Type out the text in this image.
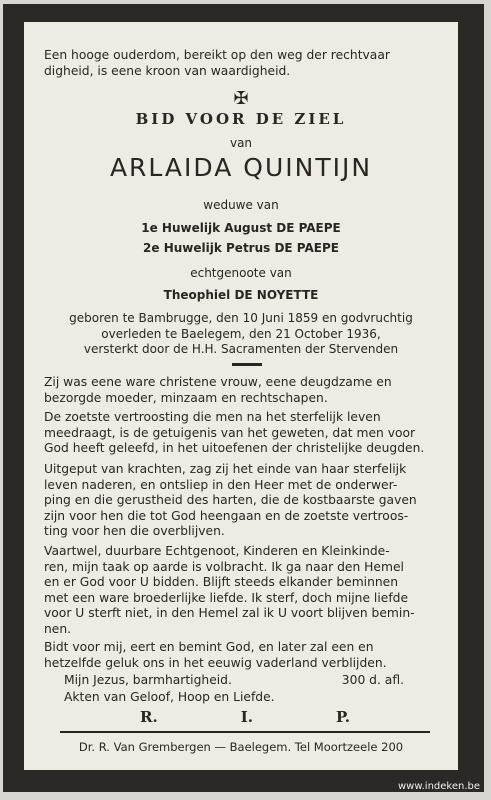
Een hooge ouderdom, bereikt op den weg der rechtvaar
digheid, is eene kroon van waardigheid.
✠
BID VOOR DE ZIEL
van
ARLAIDA QUINTIJN
weduwe van
1e Huwelijk August DE PAEPE
2e Huwelijk Petrus DE PAEPE
echtgenoote van
Theophiel DE NOYETTE
geboren te Bambrugge, den 10 Juni 1859 en godvruchtig
overleden te Baelegem, den 21 October 1936,
versterkt door de H.H. Sacramenten der Stervenden
Zij was eene ware christene vrouw, eene deugdzame en
bezorgde moeder, minzaam en rechtschapen.
De zoetste vertroosting die men na het sterfelijk leven
meedraagt, is de getuigenis van het geweten, dat men voor
God heeft geleefd, in het uitoefenen der christelijke deugden.
Uitgeput van krachten, zag zij het einde van haar sterfelijk
leven naderen, en ontsliep in den Heer met de onderwer-
ping en die gerustheid des harten, die de kostbaarste gaven
zijn voor hen die tot God heengaan en de zoetste vertroos-
ting voor hen die overblijven.
Vaartwel, duurbare Echtgenoot, Kinderen en Kleinkinde-
ren, mijn taak op aarde is volbracht. Ik ga naar den Hemel
en er God voor U bidden. Blijft steeds elkander beminnen
met een ware broederlijke liefde. Ik sterf, doch mijne liefde
voor U sterft niet, in den Hemel zal ik U voort blijven bemin-
nen.
Bidt voor mij, eert en bemint God, en later zal een en
hetzelfde geluk ons in het eeuwig vaderland verblijden.
Mijn Jezus, barmhartigheid.	300 d. afl.
Akten van Geloof, Hoop en Liefde.
R.	I.	P.
Dr. R. Van Grembergen — Baelegem. Tel Moortzeele 200
www.indeken.be
